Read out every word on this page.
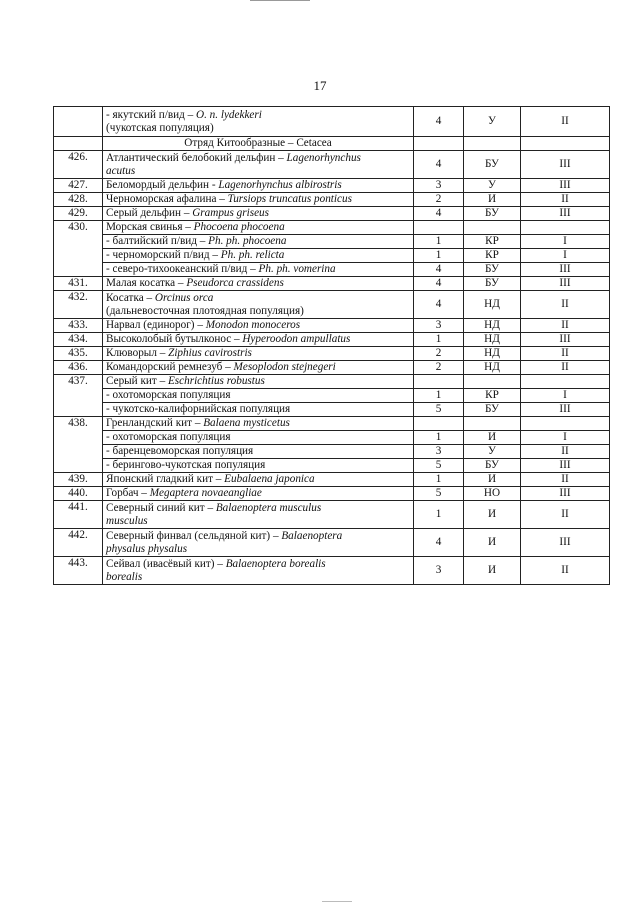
17
	- якутский п/вид – O. n. lydekkeri
(чукотская популяция)	4	У	II
	Отряд Китообразные – Cetacea			
426.	Атлантический белобокий дельфин – Lagenorhynchus
acutus	4	БУ	III
427.	Беломордый дельфин - Lagenorhynchus albirostris	3	У	III
428.	Черноморская афалина – Tursiops truncatus ponticus	2	И	II
429.	Серый дельфин – Grampus griseus	4	БУ	III
430.	Морская свинья – Phocoena phocoena			
	- балтийский п/вид – Ph. ph. phocoena	1	КР	I
	- черноморский п/вид – Ph. ph. relicta	1	КР	I
	- северо-тихоокеанский п/вид – Ph. ph. vomerina	4	БУ	III
431.	Малая косатка – Pseudorca crassidens	4	БУ	III
432.	Косатка – Orcinus orca
(дальневосточная плотоядная популяция)	4	НД	II
433.	Нарвал (единорог) – Monodon monoceros	3	НД	II
434.	Высоколобый бутылконос – Hyperoodon ampullatus	1	НД	III
435.	Клюворыл – Ziphius cavirostris	2	НД	II
436.	Командорский ремнезуб – Mesoplodon stejnegeri	2	НД	II
437.	Серый кит – Eschrichtius robustus			
	- охотоморская популяция	1	КР	I
	- чукотско-калифорнийская популяция	5	БУ	III
438.	Гренландский кит – Balaena mysticetus			
	- охотоморская популяция	1	И	I
	- баренцевоморская популяция	3	У	II
	- берингово-чукотская популяция	5	БУ	III
439.	Японский гладкий кит – Eubalaena japonica	1	И	II
440.	Горбач – Megaptera novaeangliae	5	НО	III
441.	Северный синий кит – Balaenoptera musculus
musculus	1	И	II
442.	Северный финвал (сельдяной кит) – Balaenoptera
physalus physalus	4	И	III
443.	Сейвал (ивасёвый кит) – Balaenoptera borealis
borealis	3	И	II
